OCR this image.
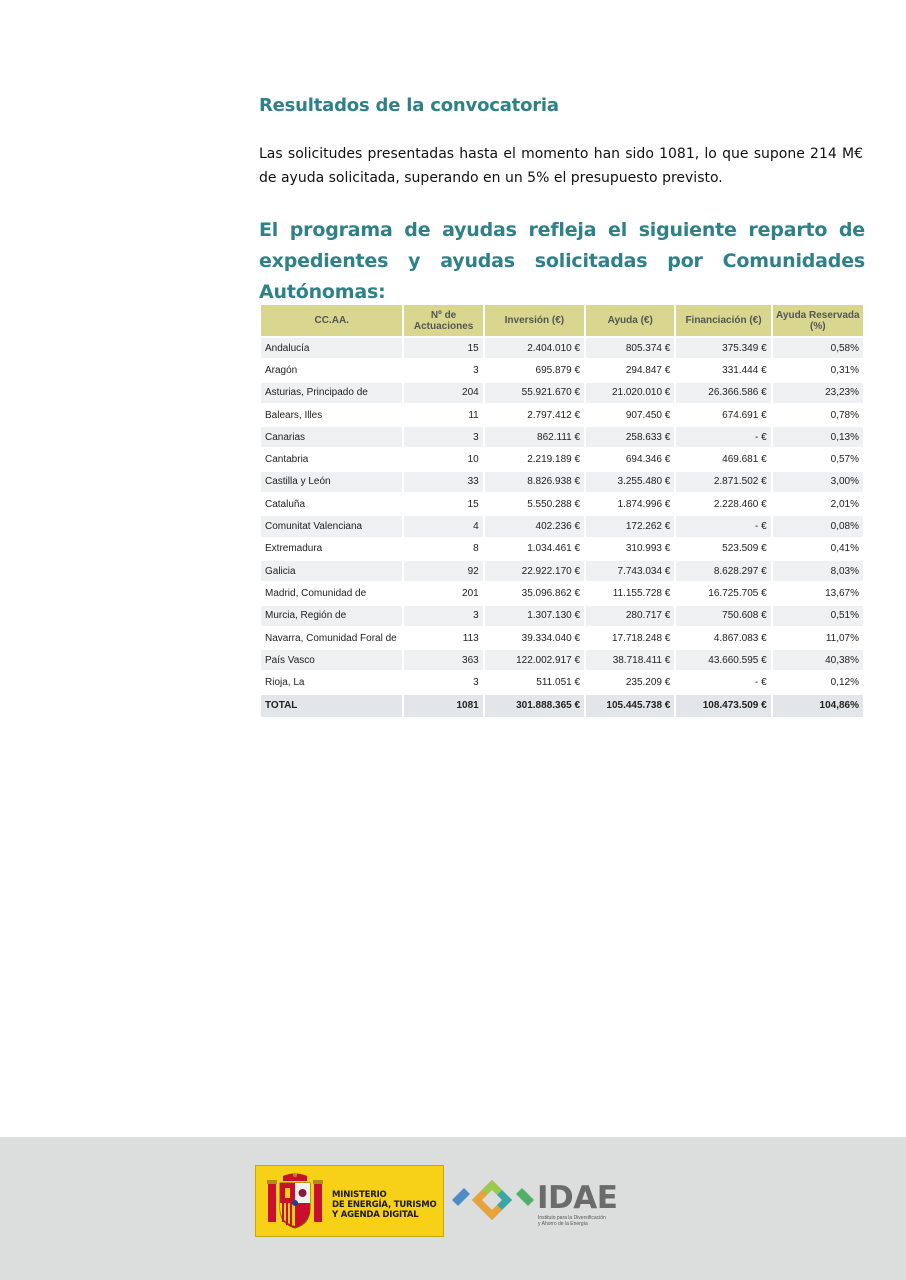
Resultados de la convocatoria

Las solicitudes presentadas hasta el momento han sido 1081, lo que supone 214 M€ de ayuda solicitada, superando en un 5% el presupuesto previsto.

El programa de ayudas refleja el siguiente reparto de expedientes y ayudas solicitadas por Comunidades Autónomas:
CC.AA.	Nº de Actuaciones	Inversión (€)	Ayuda (€)	Financiación (€)	Ayuda Reservada (%)
Andalucía	15	2.404.010 €	805.374 €	375.349 €	0,58%
Aragón	3	695.879 €	294.847 €	331.444 €	0,31%
Asturias, Principado de	204	55.921.670 €	21.020.010 €	26.366.586 €	23,23%
Balears, Illes	11	2.797.412 €	907.450 €	674.691 €	0,78%
Canarias	3	862.111 €	258.633 €	- €	0,13%
Cantabria	10	2.219.189 €	694.346 €	469.681 €	0,57%
Castilla y León	33	8.826.938 €	3.255.480 €	2.871.502 €	3,00%
Cataluña	15	5.550.288 €	1.874.996 €	2.228.460 €	2,01%
Comunitat Valenciana	4	402.236 €	172.262 €	- €	0,08%
Extremadura	8	1.034.461 €	310.993 €	523.509 €	0,41%
Galicia	92	22.922.170 €	7.743.034 €	8.628.297 €	8,03%
Madrid, Comunidad de	201	35.096.862 €	11.155.728 €	16.725.705 €	13,67%
Murcia, Región de	3	1.307.130 €	280.717 €	750.608 €	0,51%
Navarra, Comunidad Foral de	113	39.334.040 €	17.718.248 €	4.867.083 €	11,07%
País Vasco	363	122.002.917 €	38.718.411 €	43.660.595 €	40,38%
Rioja, La	3	511.051 €	235.209 €	- €	0,12%
TOTAL	1081	301.888.365 €	105.445.738 €	108.473.509 €	104,86%
MINISTERIO
DE ENERGÍA, TURISMO
Y AGENDA DIGITAL	IDAE
Instituto para la Diversificación
y Ahorro de la Energía
